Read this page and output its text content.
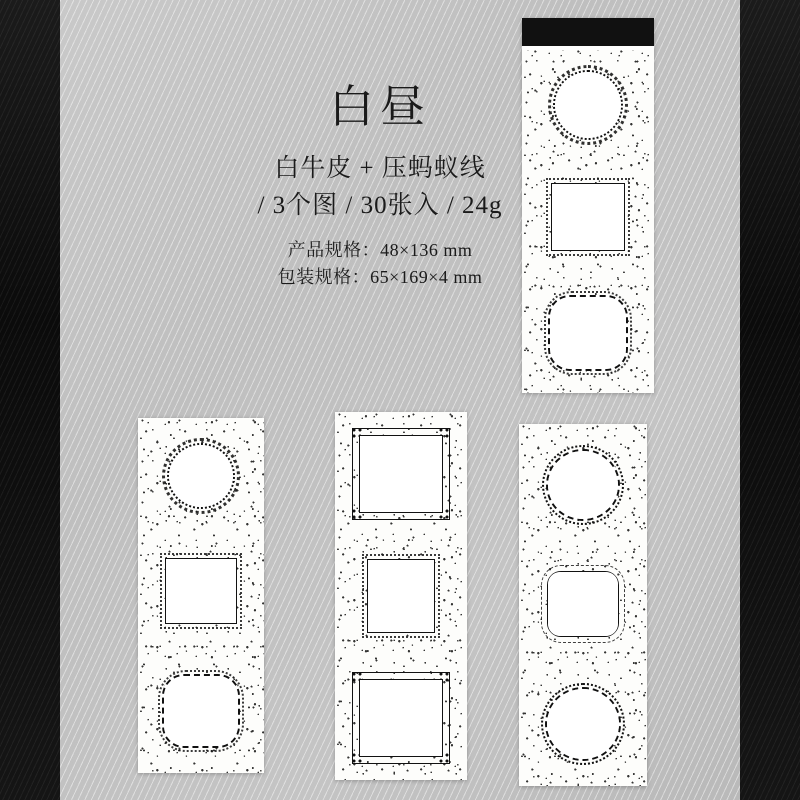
白昼
白牛皮 + 压蚂蚁线
/ 3个图 / 30张入 / 24g
产品规格：48×136 mm
包装规格：65×169×4 mm
